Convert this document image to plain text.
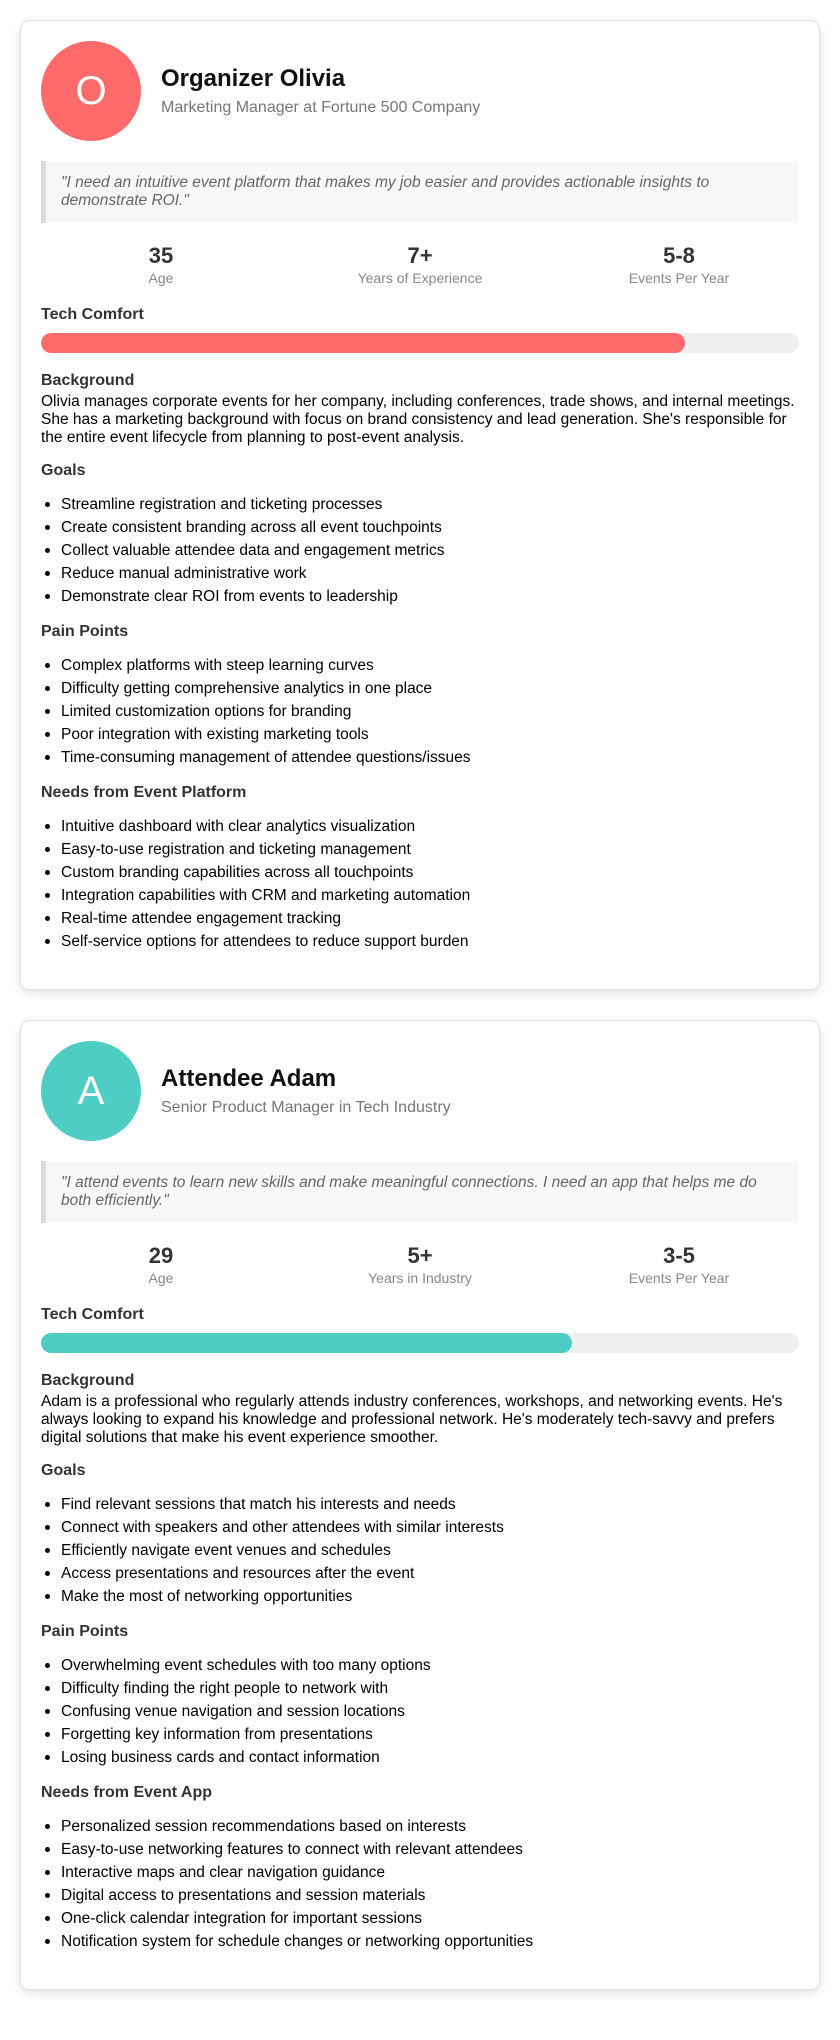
O	Organizer Olivia
Marketing Manager at Fortune 500 Company
"I need an intuitive event platform that makes my job easier and provides actionable insights to demonstrate ROI."
35
Age
7+
Years of Experience
5-8
Events Per Year
Tech Comfort
Background
Olivia manages corporate events for her company, including conferences, trade shows, and internal meetings. She has a marketing background with focus on brand consistency and lead generation. She's responsible for the entire event lifecycle from planning to post-event analysis.
Goals
Streamline registration and ticketing processes
Create consistent branding across all event touchpoints
Collect valuable attendee data and engagement metrics
Reduce manual administrative work
Demonstrate clear ROI from events to leadership
Pain Points
Complex platforms with steep learning curves
Difficulty getting comprehensive analytics in one place
Limited customization options for branding
Poor integration with existing marketing tools
Time-consuming management of attendee questions/issues
Needs from Event Platform
Intuitive dashboard with clear analytics visualization
Easy-to-use registration and ticketing management
Custom branding capabilities across all touchpoints
Integration capabilities with CRM and marketing automation
Real-time attendee engagement tracking
Self-service options for attendees to reduce support burden
A	Attendee Adam
Senior Product Manager in Tech Industry
"I attend events to learn new skills and make meaningful connections. I need an app that helps me do both efficiently."
29
Age
5+
Years in Industry
3-5
Events Per Year
Tech Comfort
Background
Adam is a professional who regularly attends industry conferences, workshops, and networking events. He's always looking to expand his knowledge and professional network. He's moderately tech-savvy and prefers digital solutions that make his event experience smoother.
Goals
Find relevant sessions that match his interests and needs
Connect with speakers and other attendees with similar interests
Efficiently navigate event venues and schedules
Access presentations and resources after the event
Make the most of networking opportunities
Pain Points
Overwhelming event schedules with too many options
Difficulty finding the right people to network with
Confusing venue navigation and session locations
Forgetting key information from presentations
Losing business cards and contact information
Needs from Event App
Personalized session recommendations based on interests
Easy-to-use networking features to connect with relevant attendees
Interactive maps and clear navigation guidance
Digital access to presentations and session materials
One-click calendar integration for important sessions
Notification system for schedule changes or networking opportunities
